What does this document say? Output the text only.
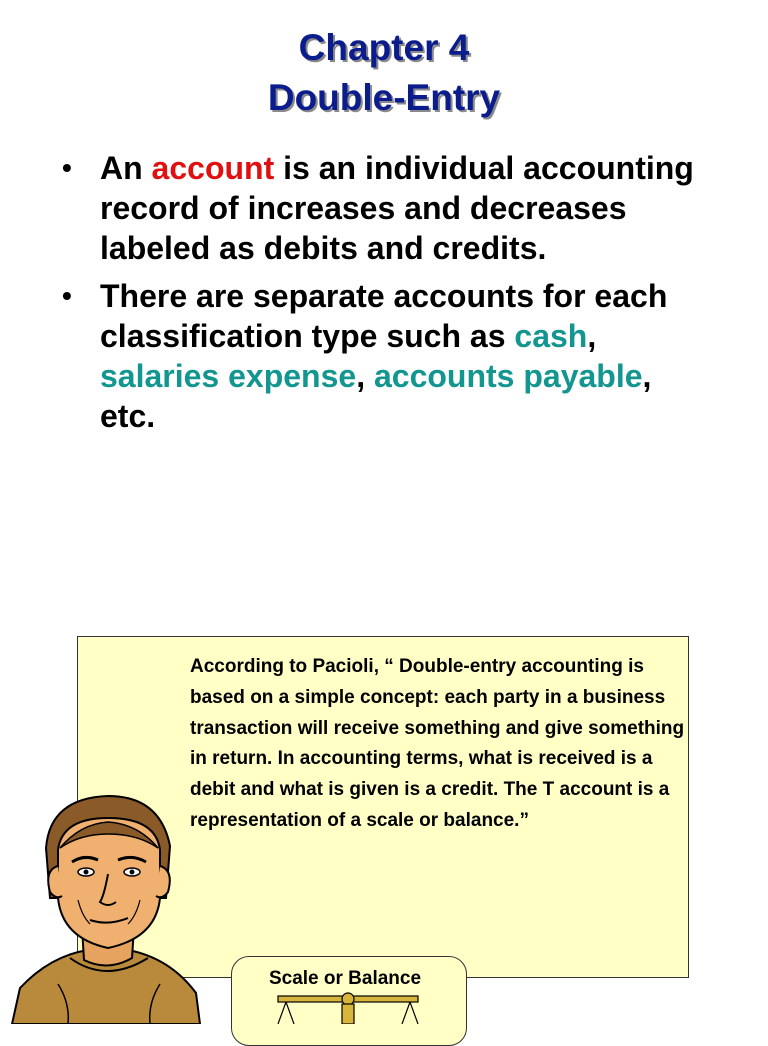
Chapter 4
Double-Entry
• An account is an individual accounting record of increases and decreases labeled as debits and credits.
• There are separate accounts for each classification type such as cash, salaries expense, accounts payable, etc.

According to Pacioli, “ Double-entry accounting is based on a simple concept: each party in a business transaction will receive something and give something in return. In accounting terms, what is received is a debit and what is given is a credit. The T account is a representation of a scale or balance.”

Scale or Balance
